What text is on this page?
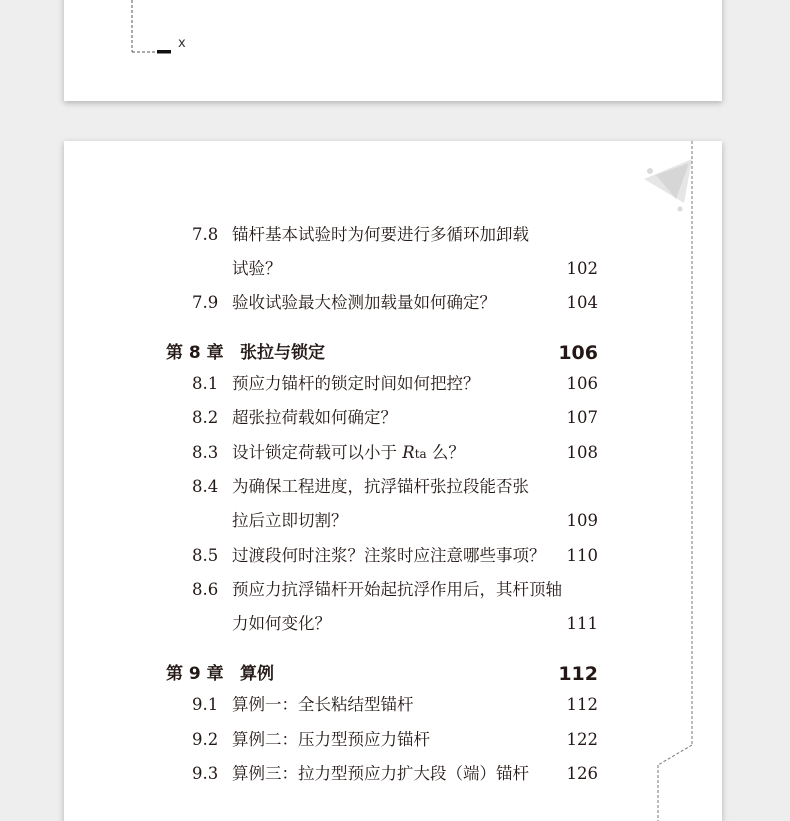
x
7.8 锚杆基本试验时为何要进行多循环加卸载
试验？	102
7.9 验收试验最大检测加载量如何确定？	104
第 8 章 张拉与锁定	106
8.1 预应力锚杆的锁定时间如何把控？	106
8.2 超张拉荷载如何确定？	107
8.3 设计锁定荷载可以小于 Rta 么？	108
8.4 为确保工程进度，抗浮锚杆张拉段能否张
拉后立即切割？	109
8.5 过渡段何时注浆？注浆时应注意哪些事项？ 110
8.6 预应力抗浮锚杆开始起抗浮作用后，其杆顶轴
力如何变化？	111
第 9 章 算例	112
9.1 算例一：全长粘结型锚杆	112
9.2 算例二：压力型预应力锚杆	122
9.3 算例三：拉力型预应力扩大段（端）锚杆 126
